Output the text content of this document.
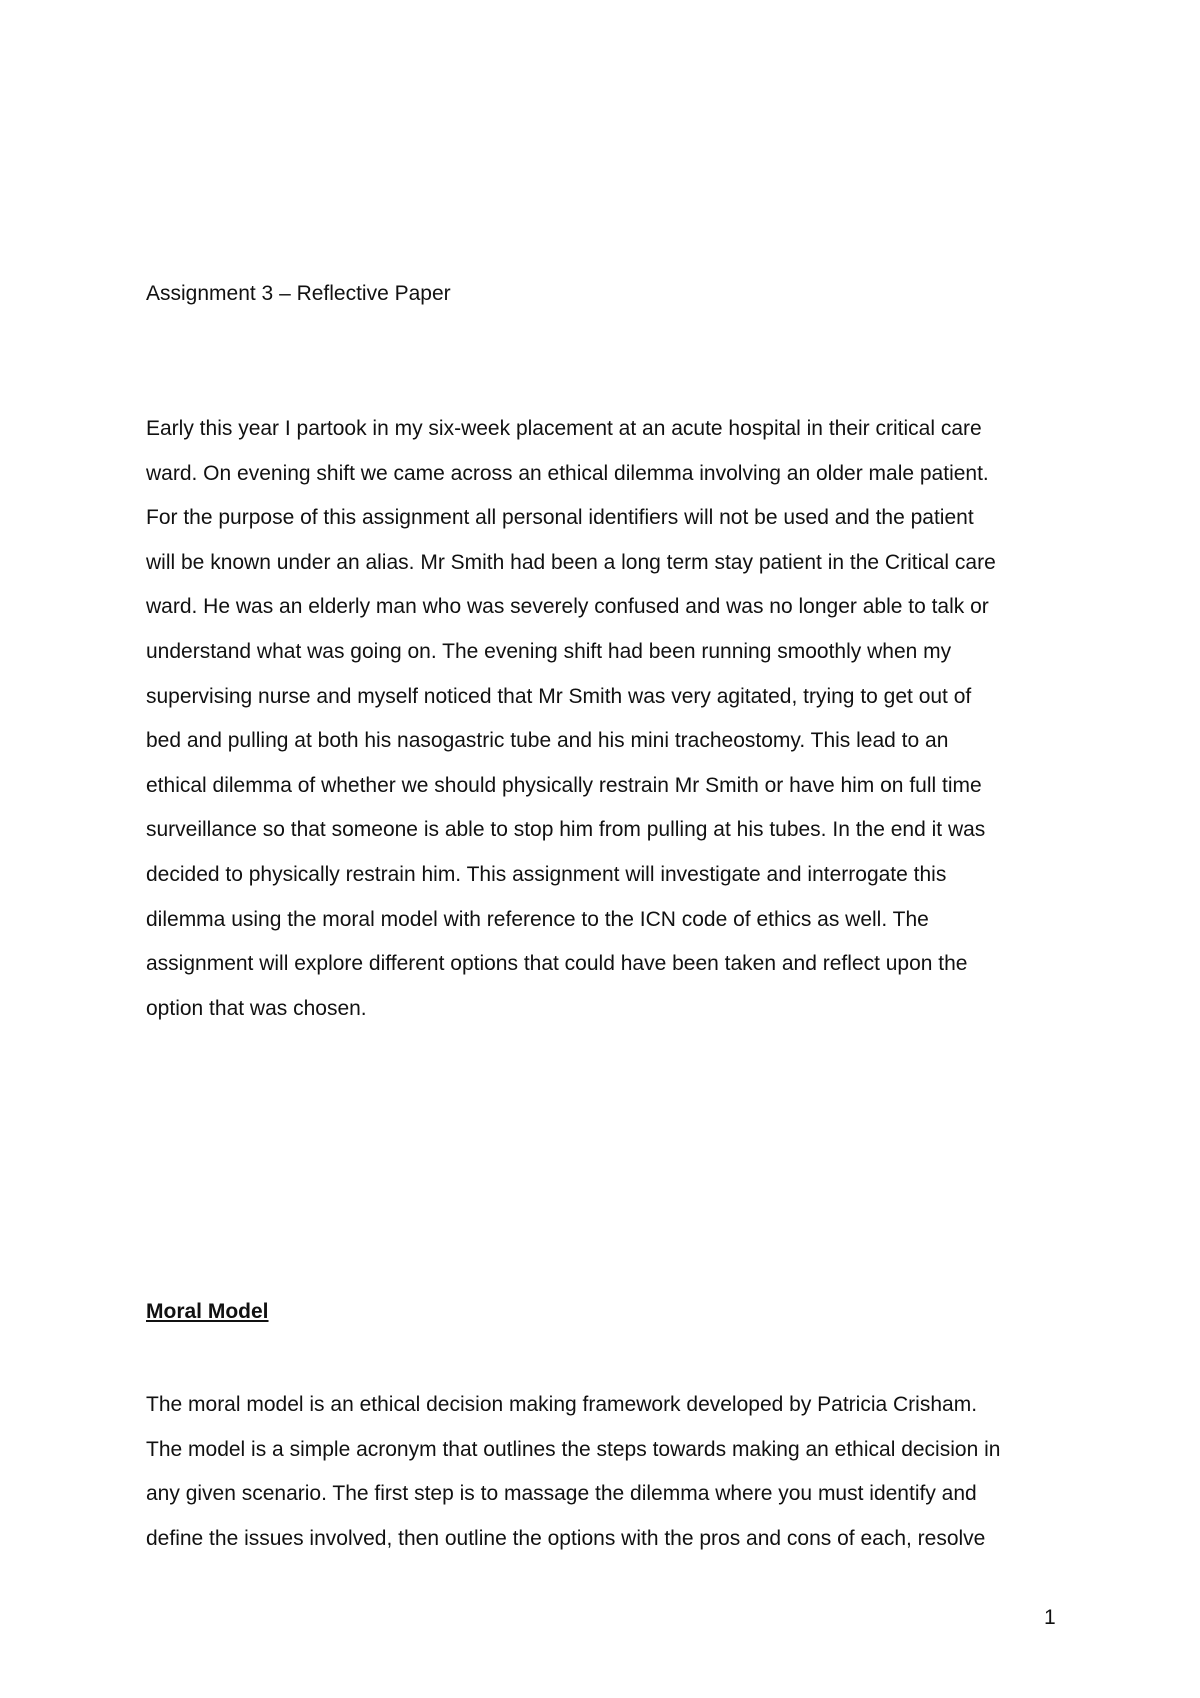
Assignment 3 – Reflective Paper
Early this year I partook in my six-week placement at an acute hospital in their critical care
ward. On evening shift we came across an ethical dilemma involving an older male patient.
For the purpose of this assignment all personal identifiers will not be used and the patient
will be known under an alias. Mr Smith had been a long term stay patient in the Critical care
ward. He was an elderly man who was severely confused and was no longer able to talk or
understand what was going on. The evening shift had been running smoothly when my
supervising nurse and myself noticed that Mr Smith was very agitated, trying to get out of
bed and pulling at both his nasogastric tube and his mini tracheostomy. This lead to an
ethical dilemma of whether we should physically restrain Mr Smith or have him on full time
surveillance so that someone is able to stop him from pulling at his tubes. In the end it was
decided to physically restrain him. This assignment will investigate and interrogate this
dilemma using the moral model with reference to the ICN code of ethics as well. The
assignment will explore different options that could have been taken and reflect upon the
option that was chosen.
Moral Model
The moral model is an ethical decision making framework developed by Patricia Crisham.
The model is a simple acronym that outlines the steps towards making an ethical decision in
any given scenario. The first step is to massage the dilemma where you must identify and
define the issues involved, then outline the options with the pros and cons of each, resolve
1
